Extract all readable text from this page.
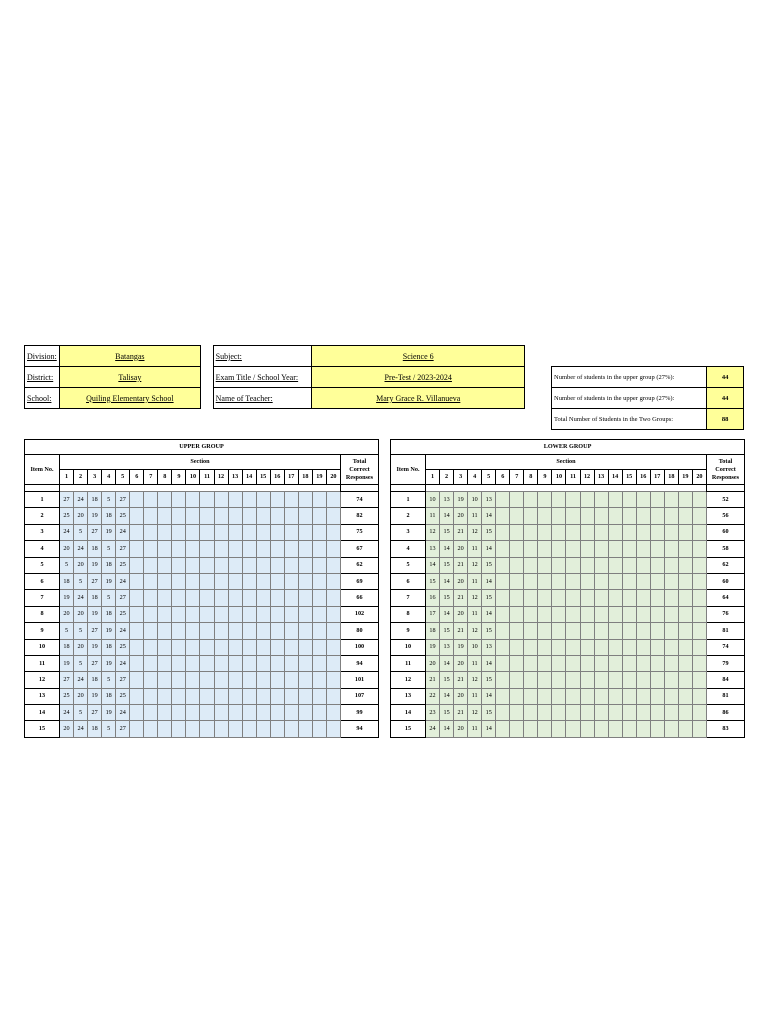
Division:	Batangas		Subject:	Science 6
District:	Talisay		Exam Title / School Year:	Pre-Test / 2023-2024
School:	Quiling Elementary School		Name of Teacher:	Mary Grace R. Villanueva
Number of students in the upper group (27%):	44
Number of students in the upper group (27%):	44
Total Number of Students in the Two Groups:	88
UPPER GROUP																					
Item No.	Section																				Total
Correct
Responses
	1	2	3	4	5	6	7	8	9	10	11	12	13	14	15	16	17	18	19	20	

1	27	24	18	5	27																74
2	25	20	19	18	25																82
3	24	5	27	19	24																75
4	20	24	18	5	27																67
5	5	20	19	18	25																62
6	18	5	27	19	24																69
7	19	24	18	5	27																66
8	20	20	19	18	25																102
9	5	5	27	19	24																80
10	18	20	19	18	25																100
11	19	5	27	19	24																94
12	27	24	18	5	27																101
13	25	20	19	18	25																107
14	24	5	27	19	24																99
15	20	24	18	5	27																94
LOWER GROUP																					
Item No.	Section																				Total
Correct
Responses
	1	2	3	4	5	6	7	8	9	10	11	12	13	14	15	16	17	18	19	20	

1	10	13	19	10	13																52
2	11	14	20	11	14																56
3	12	15	21	12	15																60
4	13	14	20	11	14																58
5	14	15	21	12	15																62
6	15	14	20	11	14																60
7	16	15	21	12	15																64
8	17	14	20	11	14																76
9	18	15	21	12	15																81
10	19	13	19	10	13																74
11	20	14	20	11	14																79
12	21	15	21	12	15																84
13	22	14	20	11	14																81
14	23	15	21	12	15																86
15	24	14	20	11	14																83
